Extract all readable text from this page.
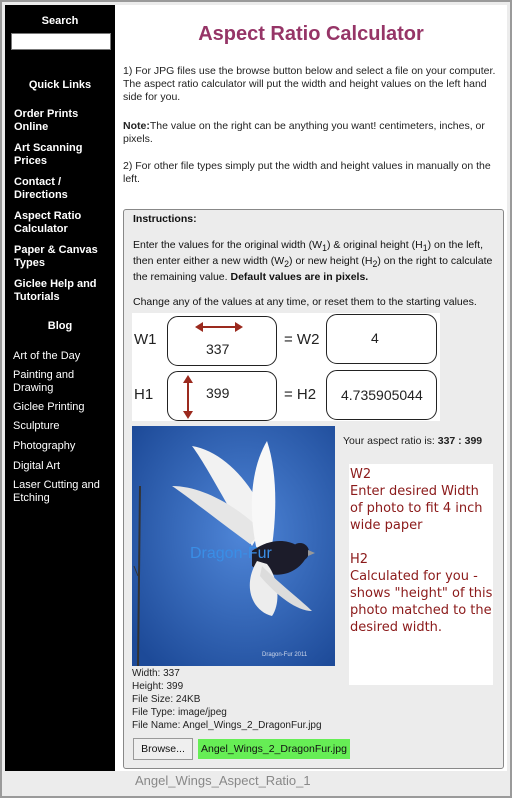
Search
Quick Links
Order Prints Online
Art Scanning Prices
Contact / Directions
Aspect Ratio Calculator
Paper & Canvas Types
Giclee Help and Tutorials
Blog
Art of the Day
Painting and Drawing
Giclee Printing
Sculpture
Photography
Digital Art
Laser Cutting and Etching
Aspect Ratio Calculator
1) For JPG files use the browse button below and select a file on your computer. The aspect ratio calculator will put the width and height values on the left hand side for you.
Note:The value on the right can be anything you want! centimeters, inches, or pixels.
2) For other file types simply put the width and height values in manually on the left.
Instructions:
Enter the values for the original width $(W_1)$ & original height $(H_1)$ on the left, then enter either a new width $(W_2)$ or new height $(H_2)$ on the right to calculate the remaining value. Default values are in pixels.
Change any of the values at any time, or reset them to the starting values.
W1
H1
= W2
= H2
337
399
4
4.735905044
Your aspect ratio is: 337 : 399
Dragon-Fur
Dragon-Fur 2011
W2
Enter desired Width of photo to fit 4 inch wide paper
H2
Calculated for you - shows "height" of this photo matched to the desired width.
Width: 337
Height: 399
File Size: 24KB
File Type: image/jpeg
File Name: Angel_Wings_2_DragonFur.jpg
Browse...	Angel_Wings_2_DragonFur.jpg
Angel_Wings_Aspect_Ratio_1
